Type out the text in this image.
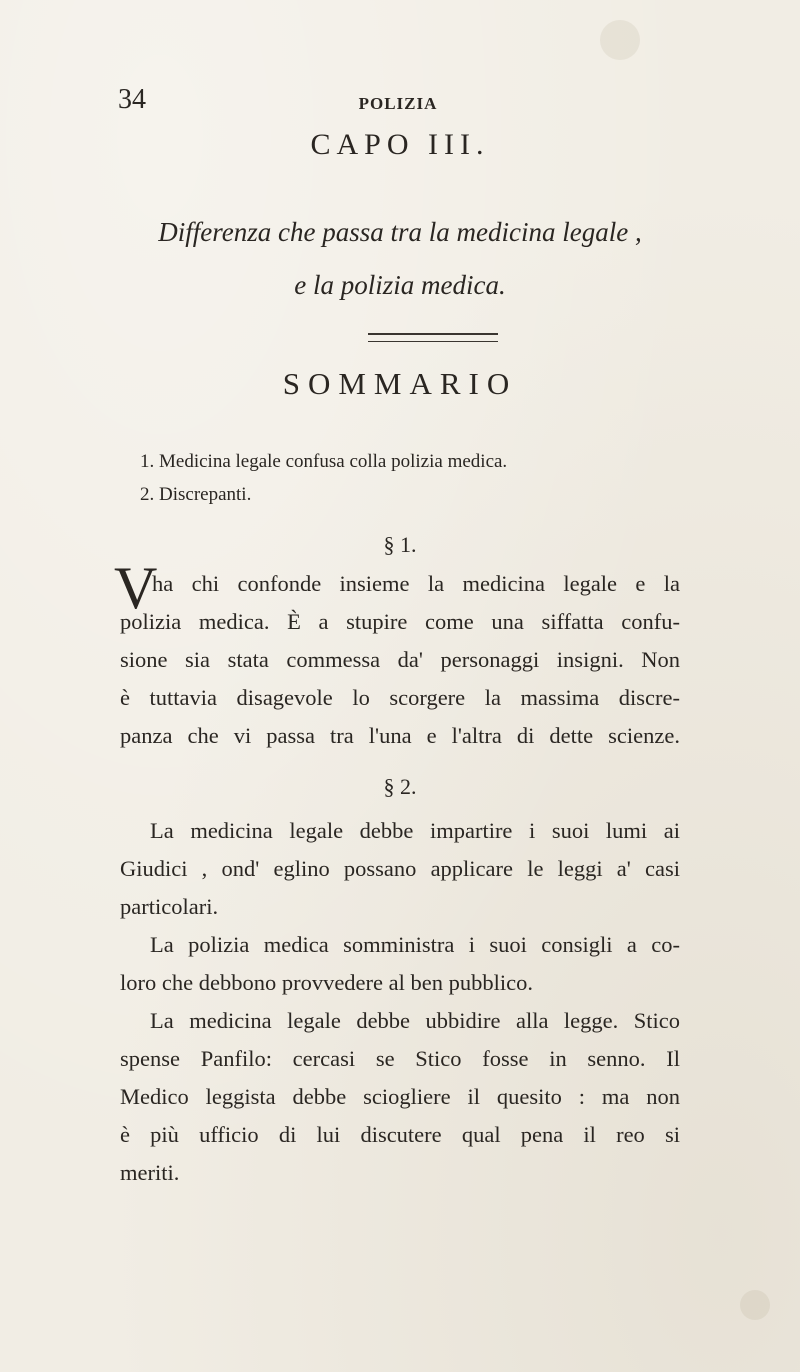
34	POLIZIA
CAPO III.
Differenza che passa tra la medicina legale ,
e la polizia medica.
SOMMARIO
1. Medicina legale confusa colla polizia medica.
2. Discrepanti.
§ 1.
V
ha chi confonde insieme la medicina legale e la
polizia medica. È a stupire come una siffatta confu-
sione sia stata commessa da' personaggi insigni. Non
è tuttavia disagevole lo scorgere la massima discre-
panza che vi passa tra l'una e l'altra di dette scienze.
§ 2.
La medicina legale debbe impartire i suoi lumi ai
Giudici , ond' eglino possano applicare le leggi a' casi
particolari.
La polizia medica somministra i suoi consigli a co-
loro che debbono provvedere al ben pubblico.
La medicina legale debbe ubbidire alla legge. Stico
spense Panfilo: cercasi se Stico fosse in senno. Il
Medico leggista debbe sciogliere il quesito : ma non
è più ufficio di lui discutere qual pena il reo si
meriti.
